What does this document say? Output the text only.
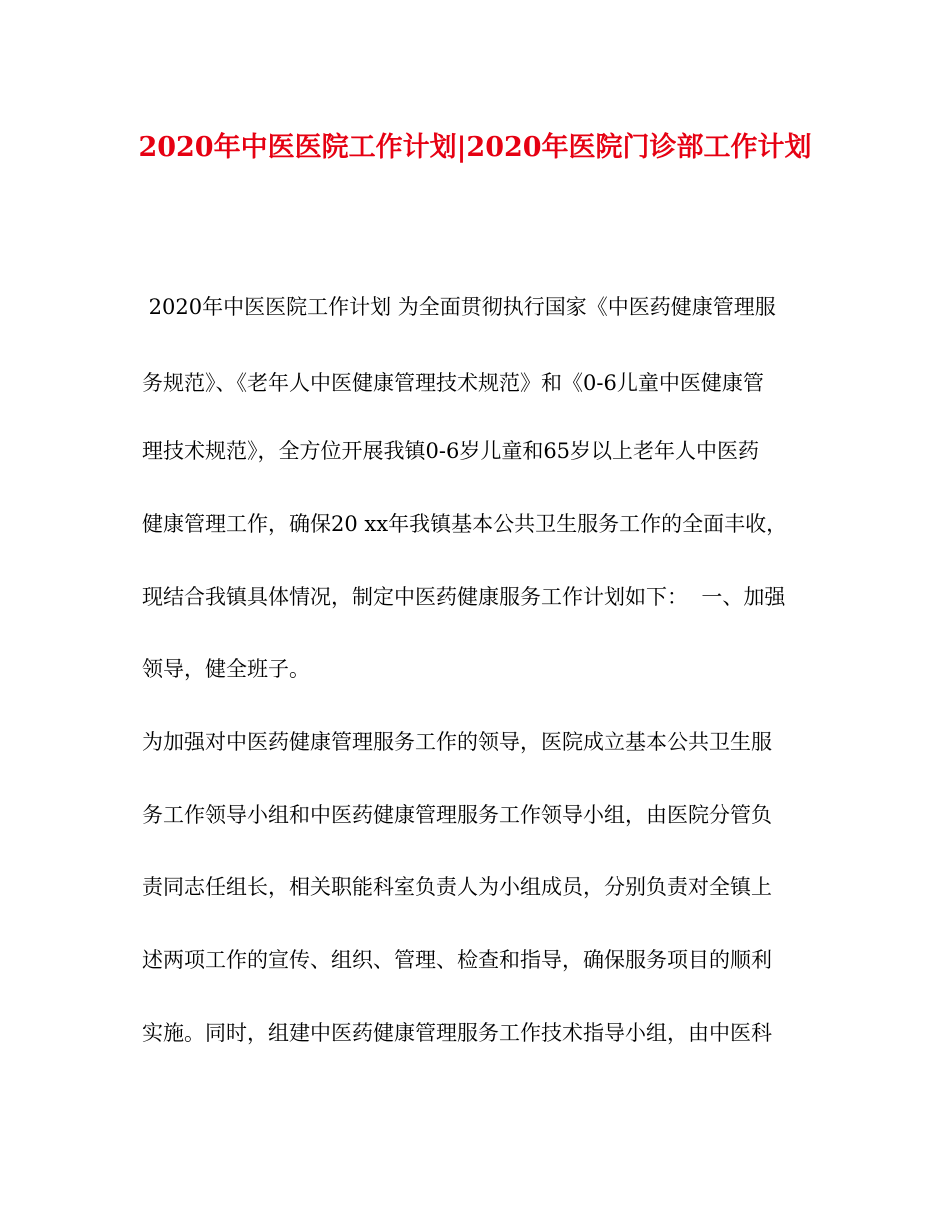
2020年中医医院工作计划|2020年医院门诊部工作计划
2020年中医医院工作计划 为全面贯彻执行国家《中医药健康管理服
务规范》、《老年人中医健康管理技术规范》和《0-6儿童中医健康管
理技术规范》，全方位开展我镇0-6岁儿童和65岁以上老年人中医药
健康管理工作，确保20 xx年我镇基本公共卫生服务工作的全面丰收，
现结合我镇具体情况，制定中医药健康服务工作计划如下：  一、加强
领导，健全班子。
为加强对中医药健康管理服务工作的领导，医院成立基本公共卫生服
务工作领导小组和中医药健康管理服务工作领导小组，由医院分管负
责同志任组长，相关职能科室负责人为小组成员，分别负责对全镇上
述两项工作的宣传、组织、管理、检查和指导，确保服务项目的顺利
实施。同时，组建中医药健康管理服务工作技术指导小组，由中医科
